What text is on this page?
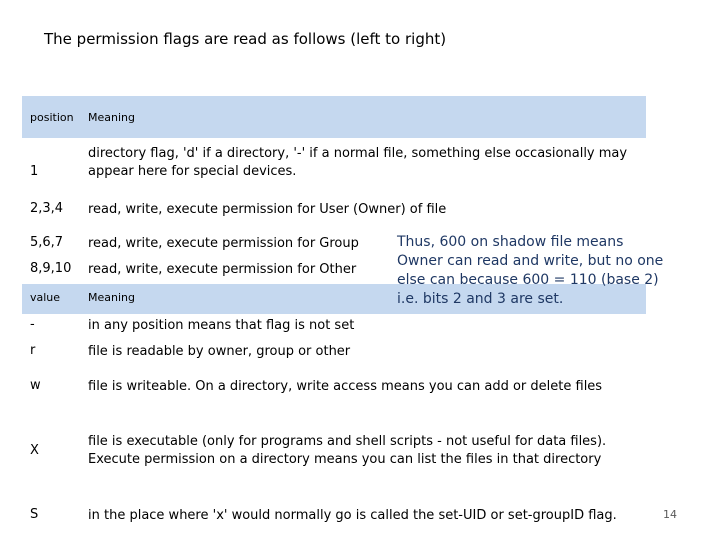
The permission flags are read as follows (left to right)
position Meaning
1
directory flag, 'd' if a directory, '-' if a normal file, something else occasionally may
appear here for special devices.
2,3,4 read, write, execute permission for User (Owner) of file
5,6,7 read, write, execute permission for Group
8,9,10 read, write, execute permission for Other
value	Meaning
-	in any position means that flag is not set
r	file is readable by owner, group or other
w	file is writeable. On a directory, write access means you can add or delete files
X
file is executable (only for programs and shell scripts - not useful for data files).
Execute permission on a directory means you can list the files in that directory
S	in the place where 'x' would normally go is called the set-UID or set-groupID flag.
Thus, 600 on shadow file means
Owner can read and write, but no one
else can because 600 = 110 (base 2)
i.e. bits 2 and 3 are set.
14
